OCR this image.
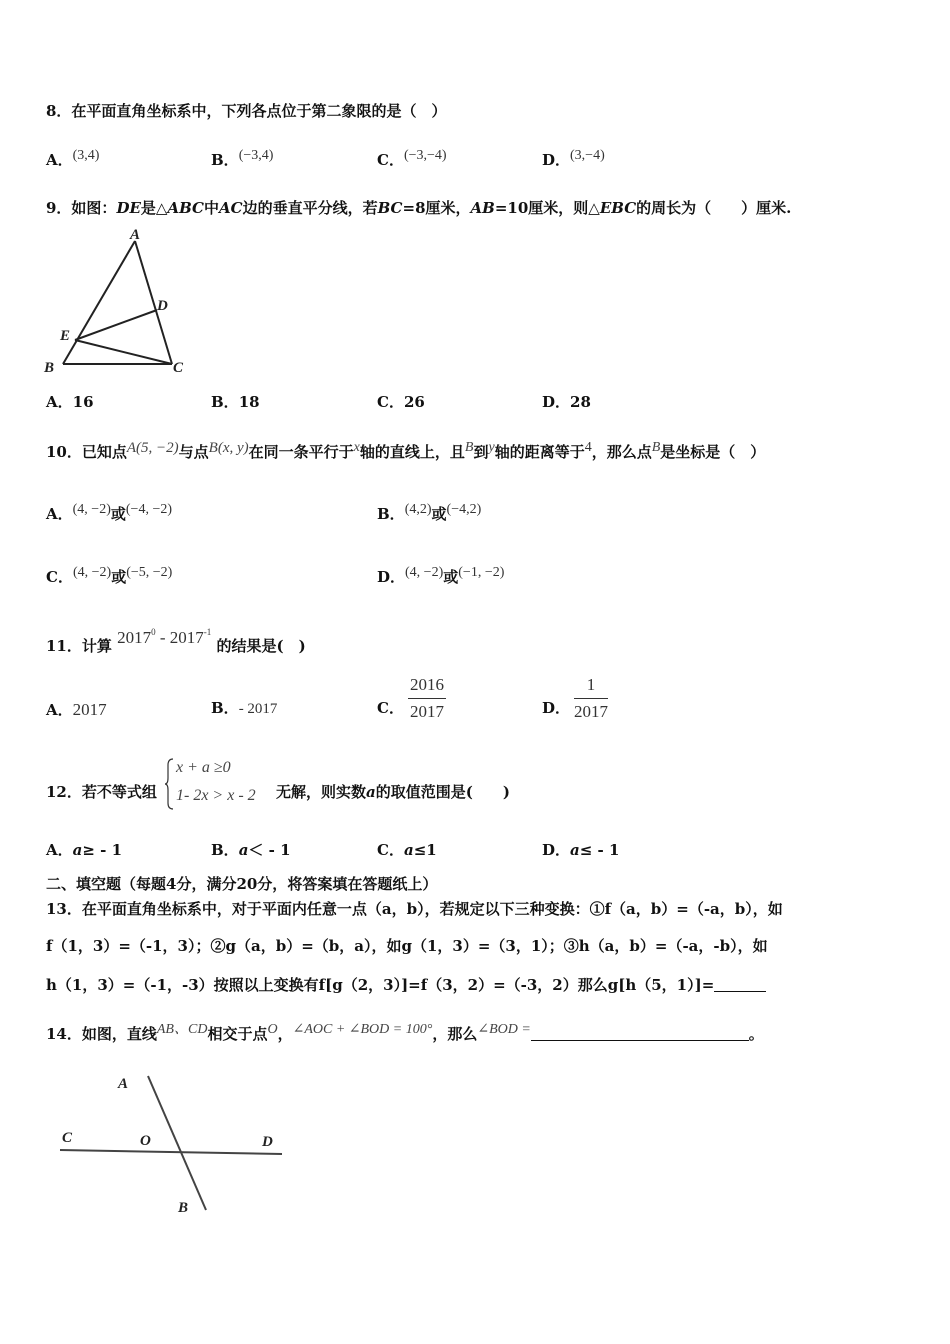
8．在平面直角坐标系中，下列各点位于第二象限的是（　）
A．(3,4)	B．(−3,4)	C．(−3,−4)	D．(3,−4)
9．如图：DE是△ABC中AC边的垂直平分线，若BC=8厘米，AB=10厘米，则△EBC的周长为（　　）厘米.
A
B	C
D
E
A．16	B．18	C．26	D．28
10．已知点A(5, −2)与点B(x, y)在同一条平行于x轴的直线上，且B到y轴的距离等于4，那么点B是坐标是（　）
A．(4, −2)或(−4, −2)	B．(4,2)或(−4,2)
C．(4, −2)或(−5, −2)	D．(4, −2)或(−1, −2)
11．计算 $2017^0 - 2017^{-1}$ 的结果是(　)
A．2017	B．- 2017	C．
2016
2017	D．
1
2017
12．若不等式组
x + a ≥0
1- 2x > x - 2 无解，则实数a的取值范围是(　　)
A．a≥ - 1	B．a＜ - 1	C．a≤1	D．a≤ - 1
二、填空题（每题4分，满分20分，将答案填在答题纸上）
13．在平面直角坐标系中，对于平面内任意一点（a，b），若规定以下三种变换：①f（a，b）=（-a，b），如
f（1，3）=（-1，3）；②g（a，b）=（b，a），如g（1，3）=（3，1）；③h（a，b）=（-a，-b），如
h（1，3）=（-1，-3）按照以上变换有f[g（2，3）]=f（3，2）=（-3，2）那么g[h（5，1）]=
14．如图，直线AB、CD相交于点O，∠AOC + ∠BOD = 100°，那么∠BOD =	。
A
B
C	D
O
